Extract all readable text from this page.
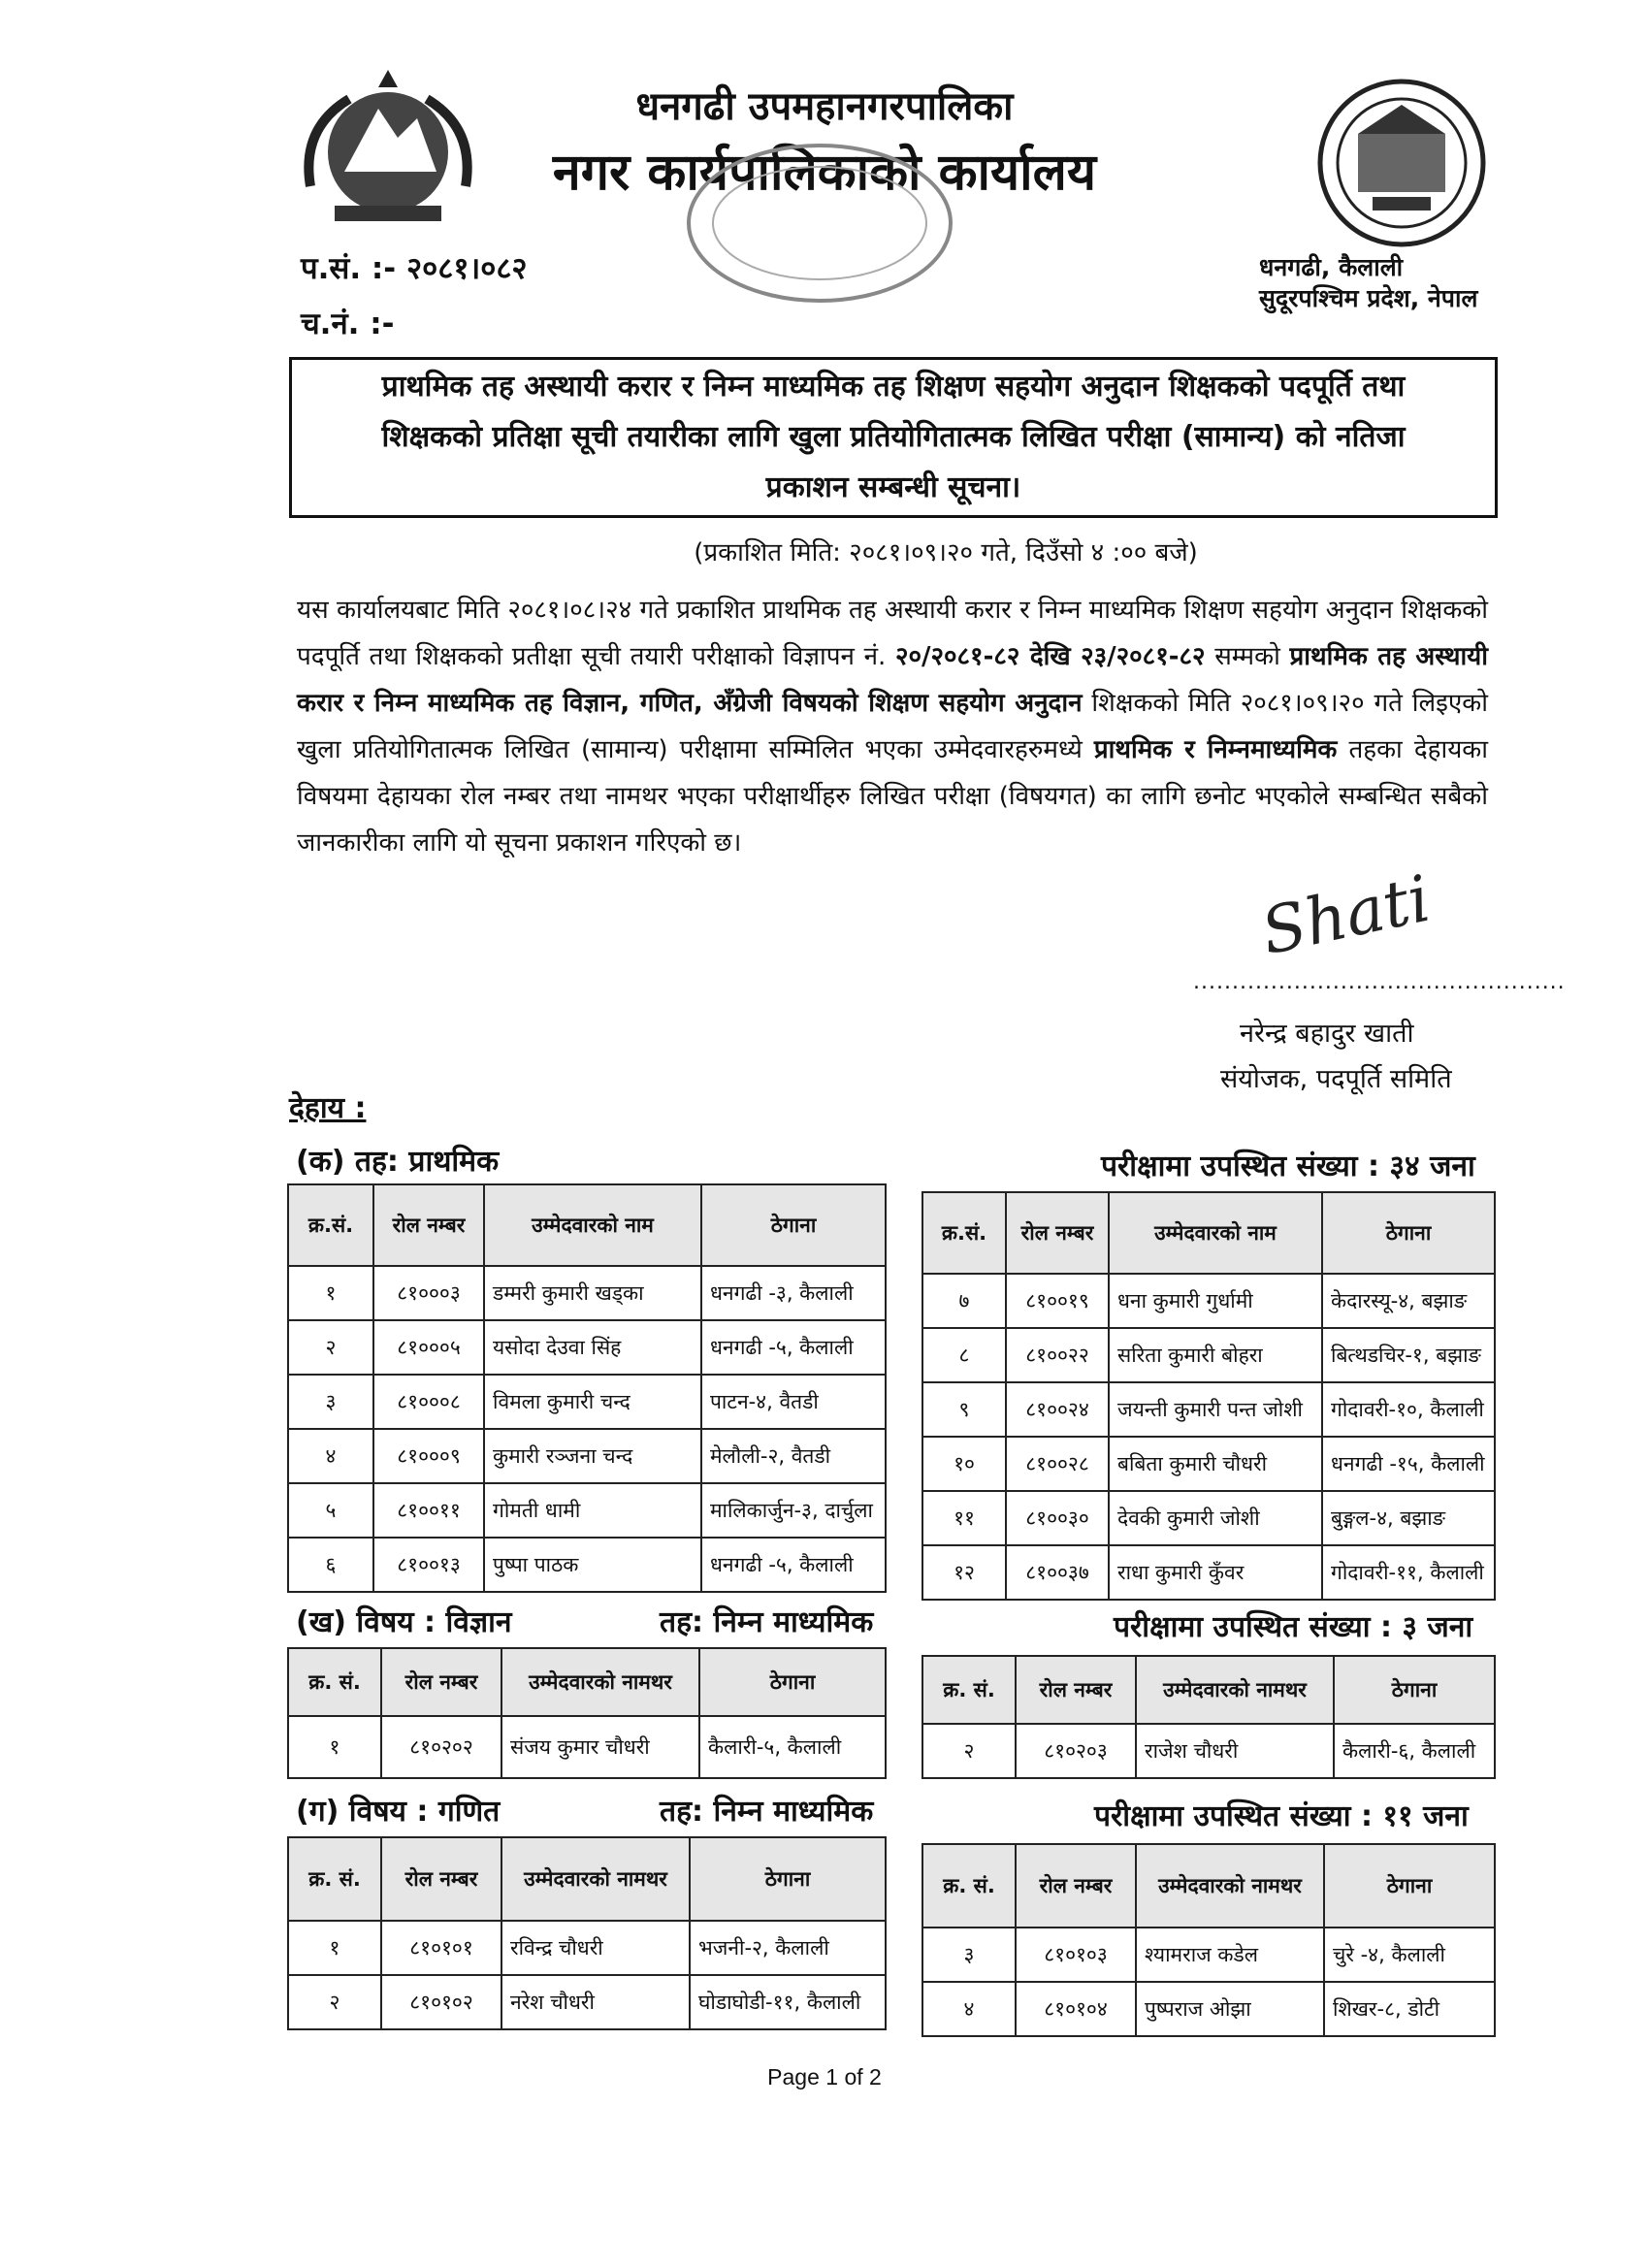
धनगढी उपमहानगरपालिका
नगर कार्यपालिकाको कार्यालय
प.सं. :- २०८१।०८२
च.नं. :-
धनगढी, कैलाली
सुदूरपश्चिम प्रदेश, नेपाल
प्राथमिक तह अस्थायी करार र निम्न माध्यमिक तह शिक्षण सहयोग अनुदान शिक्षकको पदपूर्ति तथा
शिक्षकको प्रतिक्षा सूची तयारीका लागि खुला प्रतियोगितात्मक लिखित परीक्षा (सामान्य) को नतिजा
प्रकाशन सम्बन्धी सूचना।
(प्रकाशित मिति: २०८१।०९।२० गते, दिउँसो ४ :०० बजे)
यस कार्यालयबाट मिति २०८१।०८।२४ गते प्रकाशित प्राथमिक तह अस्थायी करार र निम्न माध्यमिक शिक्षण सहयोग अनुदान शिक्षकको पदपूर्ति तथा शिक्षकको प्रतीक्षा सूची तयारी परीक्षाको विज्ञापन नं. २०/२०८१-८२ देखि २३/२०८१-८२ सम्मको प्राथमिक तह अस्थायी करार र निम्न माध्यमिक तह विज्ञान, गणित, अँग्रेजी विषयको शिक्षण सहयोग अनुदान शिक्षकको मिति २०८१।०९।२० गते लिइएको खुला प्रतियोगितात्मक लिखित (सामान्य) परीक्षामा सम्मिलित भएका उम्मेदवारहरुमध्ये प्राथमिक र निम्नमाध्यमिक तहका देहायका विषयमा देहायका रोल नम्बर तथा नामथर भएका परीक्षार्थीहरु लिखित परीक्षा (विषयगत) का लागि छनोट भएकोले सम्बन्धित सबैको जानकारीका लागि यो सूचना प्रकाशन गरिएको छ।
Shati
................................................
नरेन्द्र बहादुर खाती
संयोजक, पदपूर्ति समिति
देहाय :
(क) तह: प्राथमिक	परीक्षामा उपस्थित संख्या : ३४ जना
क्र.सं.	रोल नम्बर	उम्मेदवारको नाम	ठेगाना
१	८१०००३	डम्मरी कुमारी खड्का	धनगढी -३, कैलाली
२	८१०००५	यसोदा देउवा सिंह	धनगढी -५, कैलाली
३	८१०००८	विमला कुमारी चन्द	पाटन-४, वैतडी
४	८१०००९	कुमारी रञ्जना चन्द	मेलौली-२, वैतडी
५	८१००११	गोमती धामी	मालिकार्जुन-३, दार्चुला
६	८१००१३	पुष्पा पाठक	धनगढी -५, कैलाली
क्र.सं.	रोल नम्बर	उम्मेदवारको नाम	ठेगाना
७	८१००१९	धना कुमारी गुर्धामी	केदारस्यू-४, बझाङ
८	८१००२२	सरिता कुमारी बोहरा	बित्थडचिर-१, बझाङ
९	८१००२४	जयन्ती कुमारी पन्त जोशी	गोदावरी-१०, कैलाली
१०	८१००२८	बबिता कुमारी चौधरी	धनगढी -१५, कैलाली
११	८१००३०	देवकी कुमारी जोशी	बुङ्गल-४, बझाङ
१२	८१००३७	राधा कुमारी कुँवर	गोदावरी-११, कैलाली
(ख) विषय : विज्ञान	तह: निम्न माध्यमिक	परीक्षामा उपस्थित संख्या : ३ जना
क्र. सं.	रोल नम्बर	उम्मेदवारको नामथर	ठेगाना
१	८१०२०२	संजय कुमार चौधरी	कैलारी-५, कैलाली
क्र. सं.	रोल नम्बर	उम्मेदवारको नामथर	ठेगाना
२	८१०२०३	राजेश चौधरी	कैलारी-६, कैलाली
(ग) विषय : गणित	तह: निम्न माध्यमिक	परीक्षामा उपस्थित संख्या : ११ जना
क्र. सं.	रोल नम्बर	उम्मेदवारको नामथर	ठेगाना
१	८१०१०१	रविन्द्र चौधरी	भजनी-२, कैलाली
२	८१०१०२	नरेश चौधरी	घोडाघोडी-११, कैलाली
क्र. सं.	रोल नम्बर	उम्मेदवारको नामथर	ठेगाना
३	८१०१०३	श्यामराज कडेल	चुरे -४, कैलाली
४	८१०१०४	पुष्पराज ओझा	शिखर-८, डोटी
Page 1 of 2
